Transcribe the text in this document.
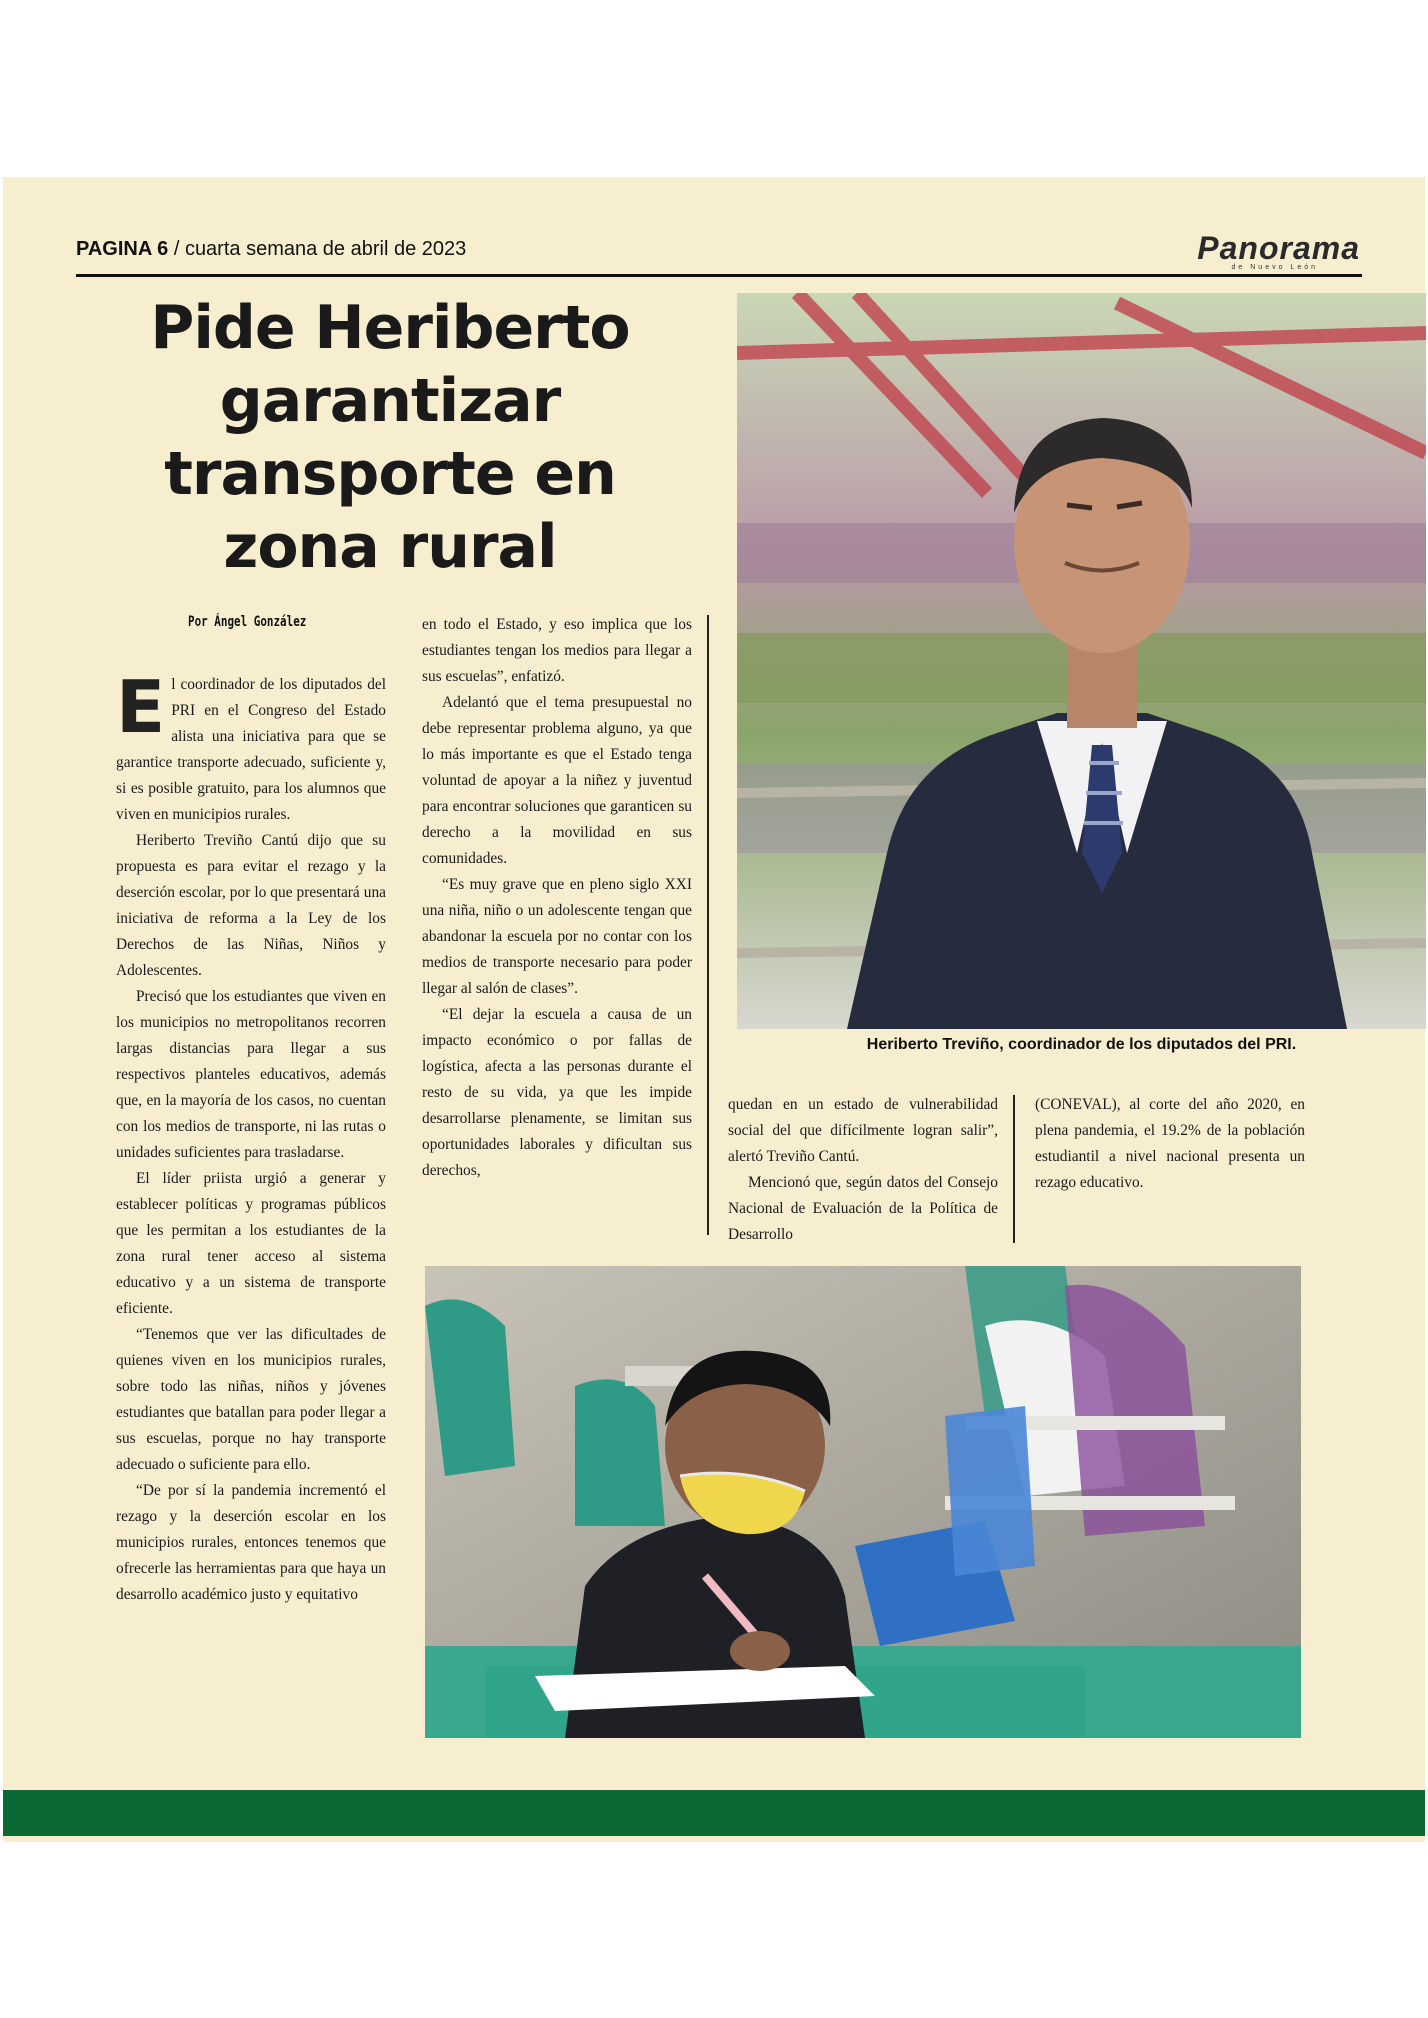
PAGINA 6 / cuarta semana de abril de 2023	Panorama
de Nuevo León
Pide Heriberto
garantizar
transporte en
zona rural
Por Ángel González

El coordinador de los diputados del PRI en el Congreso del Estado alista una iniciativa para que se garantice transporte adecuado, suficiente y, si es posible gratuito, para los alumnos que viven en municipios rurales.

Heriberto Treviño Cantú dijo que su propuesta es para evitar el rezago y la deserción escolar, por lo que presentará una iniciativa de reforma a la Ley de los Derechos de las Niñas, Niños y Adolescentes.

Precisó que los estudiantes que viven en los municipios no metropolitanos recorren largas distancias para llegar a sus respectivos planteles educativos, además que, en la mayoría de los casos, no cuentan con los medios de transporte, ni las rutas o unidades suficientes para trasladarse.

El líder priista urgió a generar y establecer políticas y programas públicos que les permitan a los estudiantes de la zona rural tener acceso al sistema educativo y a un sistema de transporte eficiente.

“Tenemos que ver las dificultades de quienes viven en los municipios rurales, sobre todo las niñas, niños y jóvenes estudiantes que batallan para poder llegar a sus escuelas, porque no hay transporte adecuado o suficiente para ello.

“De por sí la pandemia incrementó el rezago y la deserción escolar en los municipios rurales, entonces tenemos que ofrecerle las herramientas para que haya un desarrollo académico justo y equitativo

en todo el Estado, y eso implica que los estudiantes tengan los medios para llegar a sus escuelas”, enfatizó.

Adelantó que el tema presupuestal no debe representar problema alguno, ya que lo más importante es que el Estado tenga voluntad de apoyar a la niñez y juventud para encontrar soluciones que garanticen su derecho a la movilidad en sus comunidades.

“Es muy grave que en pleno siglo XXI una niña, niño o un adolescente tengan que abandonar la escuela por no contar con los medios de transporte necesario para poder llegar al salón de clases”.

“El dejar la escuela a causa de un impacto económico o por fallas de logística, afecta a las personas durante el resto de su vida, ya que les impide desarrollarse plenamente, se limitan sus oportunidades laborales y dificultan sus derechos,

Heriberto Treviño, coordinador de los diputados del PRI.

quedan en un estado de vulnerabilidad social del que difícilmente logran salir”, alertó Treviño Cantú.

Mencionó que, según datos del Consejo Nacional de Evaluación de la Política de Desarrollo

(CONEVAL), al corte del año 2020, en plena pandemia, el 19.2% de la población estudiantil a nivel nacional presenta un rezago educativo.
